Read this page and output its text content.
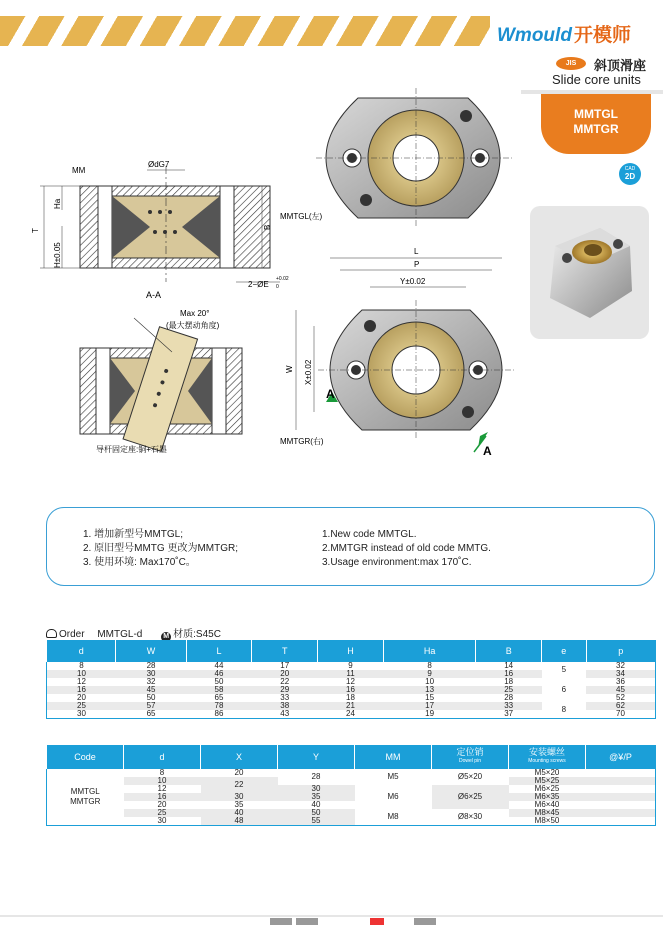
Wmould 开模师
JIS	斜顶滑座
Slide core units
MMTGL
MMTGR
CAD
2D
MM
ØdG7
Ha
T
H±0.05
B
2−ØE
+0.02
0
A-A
Max 20°
(最大摆动角度)
导杆固定座:铜+石墨
MMTGL(左)
L
P
Y±0.02
W X±0.02
A
A
MMTGR(右)
1. 增加新型号MMTGL;
2. 原旧型号MMTG 更改为MMTGR;
3. 使用环境: Max170˚C。
1.New code MMTGL.
2.MMTGR instead of old code MMTG.
3.Usage environment:max 170˚C.
Order MMTGL-d	M 材质:S45C
d	W	L	T	H	Ha	B	e	p
8	28	44	17	9	8	14	5	32
10	30	46	20	11	9	16		34
12	32	50	22	12	10	18	6	36
16	45	58	29	16	13	25		45
20	50	65	33	18	15	28		52
25	57	78	38	21	17	33	8	62
30	65	86	43	24	19	37		70
Code	d	X	Y	MM	定位销
Dowel pin	安装螺丝
Mounting screws	@¥/P
MMTGL
MMTGR	8	20	28	M5	Ø5×20	M5×20	
	10	22				M5×25	
	12		30	M6	Ø6×25	M6×25	
	16	30	35			M6×35	
	20	35	40			M6×40	
	25	40	50	M8	Ø8×30	M8×45	
	30	48	55			M8×50	
